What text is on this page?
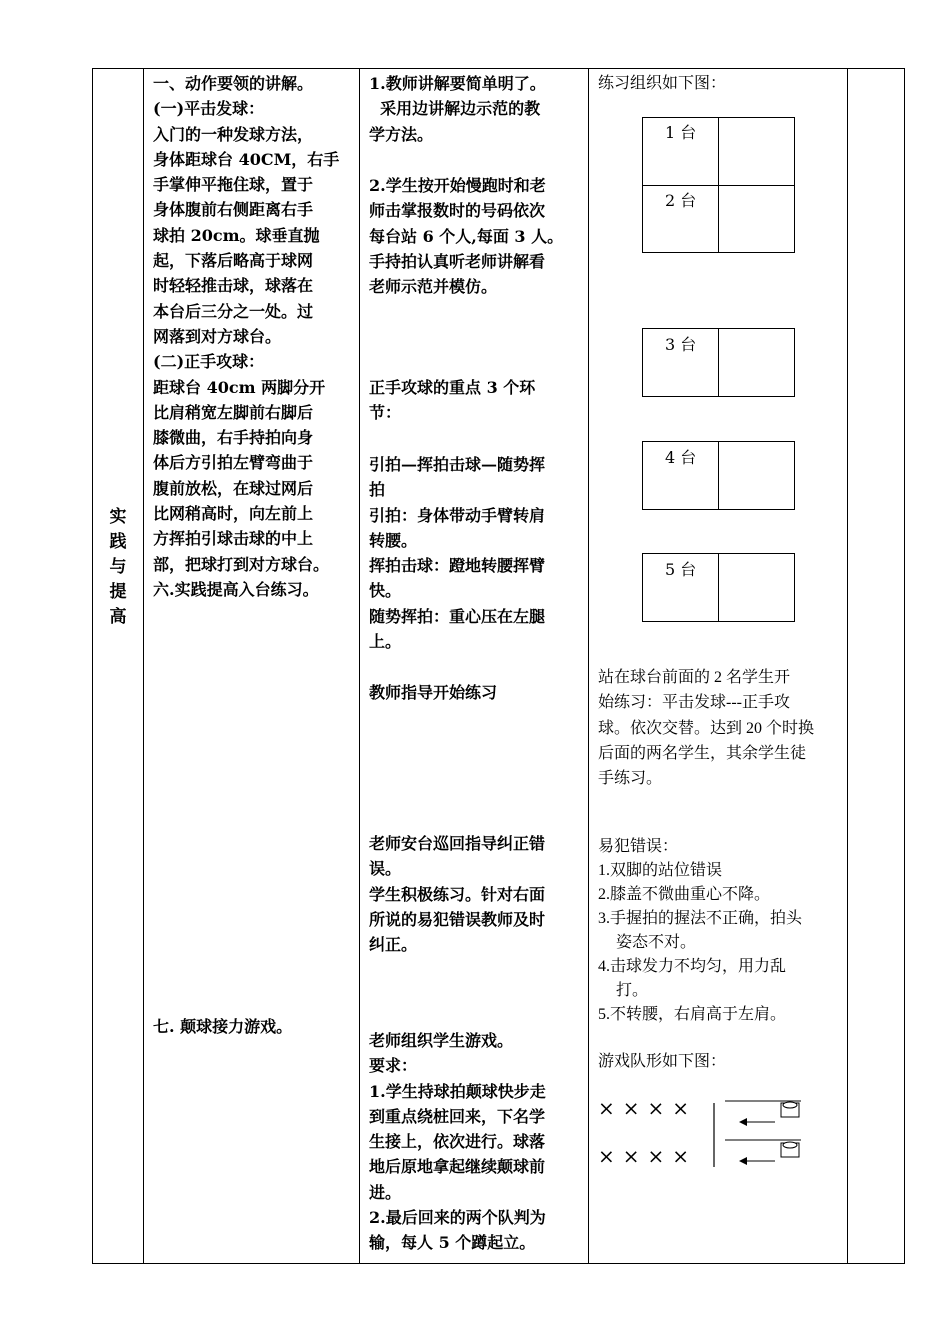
实
践
与
提
高

一、动作要领的讲解。

(一)平击发球：

入门的一种发球方法，

身体距球台 40CM，右手

手掌伸平拖住球，置于

身体腹前右侧距离右手

球拍 20cm。球垂直抛

起，下落后略高于球网

时轻轻推击球，球落在

本台后三分之一处。过

网落到对方球台。

(二)正手攻球：

距球台 40cm 两脚分开

比肩稍宽左脚前右脚后

膝微曲，右手持拍向身

体后方引拍左臂弯曲于

腹前放松，在球过网后

比网稍高时，向左前上

方挥拍引球击球的中上

部，把球打到对方球台。

六.实践提高入台练习。

七. 颠球接力游戏。

1.教师讲解要简单明了。

采用边讲解边示范的教

学方法。

2.学生按开始慢跑时和老

师击掌报数时的号码依次

每台站 6 个人,每面 3 人。

手持拍认真听老师讲解看

老师示范并模仿。

正手攻球的重点 3 个环

节：

引拍—挥拍击球—随势挥

拍

引拍：身体带动手臂转肩

转腰。

挥拍击球：蹬地转腰挥臂

快。

随势挥拍：重心压在左腿

上。

教师指导开始练习

老师安台巡回指导纠正错

误。

学生积极练习。针对右面

所说的易犯错误教师及时

纠正。

老师组织学生游戏。

要求：

1.学生持球拍颠球快步走

到重点绕桩回来，下名学

生接上，依次进行。球落

地后原地拿起继续颠球前

进。

2.最后回来的两个队判为

输，每人 5 个蹲起立。

练习组织如下图：
1 台
2 台
3 台
4 台
5 台

站在球台前面的 2 名学生开

始练习：平击发球---正手攻

球。依次交替。达到 20 个时换

后面的两名学生，其余学生徒

手练习。

易犯错误：

1.双脚的站位错误

2.膝盖不微曲重心不降。

3.手握拍的握法不正确，拍头

姿态不对。

4.击球发力不均匀，用力乱

打。

5.不转腰，右肩高于左肩。

游戏队形如下图：
××××
××××
